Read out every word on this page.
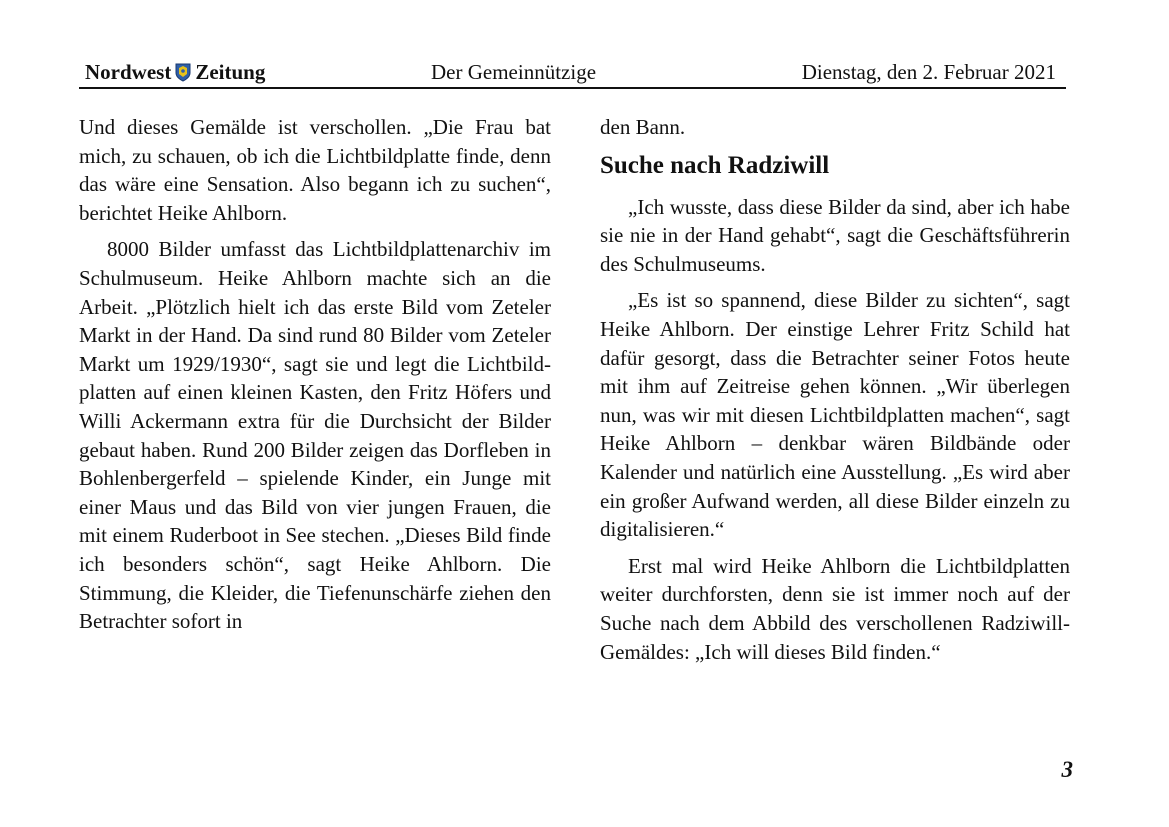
Nordwest Zeitung	Der Gemeinnützige	Dienstag, den 2. Februar 2021

Und dieses Gemälde ist verschollen. „Die Frau bat mich, zu schauen, ob ich die Lichtbildplatte finde, denn das wäre eine Sensation. Also begann ich zu suchen“, berichtet Heike Ahlborn.

8000 Bilder umfasst das Lichtbildplattenarchiv im Schulmuseum. Heike Ahlborn machte sich an die Arbeit. „Plötzlich hielt ich das erste Bild vom Zeteler Markt in der Hand. Da sind rund 80 Bilder vom Zeteler Markt um 1929/1930“, sagt sie und legt die Lichtbildplatten auf einen kleinen Kasten, den Fritz Höfers und Willi Ackermann extra für die Durchsicht der Bilder gebaut haben. Rund 200 Bilder zeigen das Dorfleben in Bohlenbergerfeld – spielende Kinder, ein Junge mit einer Maus und das Bild von vier jungen Frauen, die mit einem Ruderboot in See stechen. „Dieses Bild finde ich besonders schön“, sagt Heike Ahlborn. Die Stimmung, die Kleider, die Tiefenunschärfe ziehen den Betrachter sofort in

den Bann.

Suche nach Radziwill

„Ich wusste, dass diese Bilder da sind, aber ich habe sie nie in der Hand gehabt“, sagt die Geschäftsführerin des Schulmuseums.

„Es ist so spannend, diese Bilder zu sichten“, sagt Heike Ahlborn. Der einstige Lehrer Fritz Schild hat dafür gesorgt, dass die Betrachter seiner Fotos heute mit ihm auf Zeitreise gehen können. „Wir überlegen nun, was wir mit diesen Lichtbildplatten machen“, sagt Heike Ahlborn – denkbar wären Bildbände oder Kalender und natürlich eine Ausstellung. „Es wird aber ein großer Aufwand werden, all diese Bilder einzeln zu digitalisieren.“

Erst mal wird Heike Ahlborn die Lichtbildplatten weiter durchforsten, denn sie ist immer noch auf der Suche nach dem Abbild des verschollenen Radziwill-Gemäldes: „Ich will dieses Bild finden.“

3
